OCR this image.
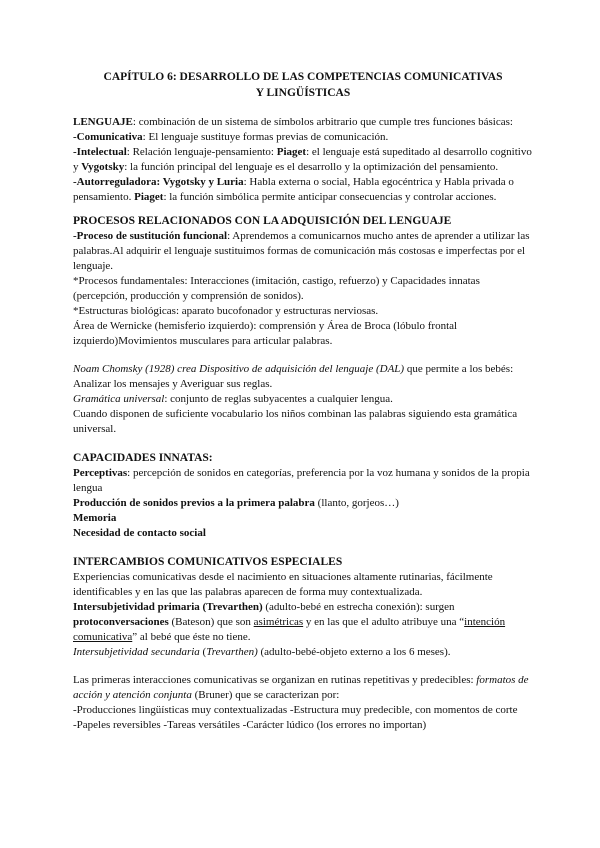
CAPÍTULO 6: DESARROLLO DE LAS COMPETENCIAS COMUNICATIVAS Y LINGÜÍSTICAS

LENGUAJE: combinación de un sistema de símbolos arbitrario que cumple tres funciones básicas:

-Comunicativa: El lenguaje sustituye formas previas de comunicación.

-Intelectual: Relación lenguaje-pensamiento: Piaget: el lenguaje está supeditado al desarrollo cognitivo y Vygotsky: la función principal del lenguaje es el desarrollo y la optimización del pensamiento.

-Autorreguladora: Vygotsky y Luria: Habla externa o social, Habla egocéntrica y Habla privada o pensamiento. Piaget: la función simbólica permite anticipar consecuencias y controlar acciones.

PROCESOS RELACIONADOS CON LA ADQUISICIÓN DEL LENGUAJE

-Proceso de sustitución funcional: Aprendemos a comunicarnos mucho antes de aprender a utilizar las palabras.Al adquirir el lenguaje sustituimos formas de comunicación más costosas e imperfectas por el lenguaje.

*Procesos fundamentales: Interacciones (imitación, castigo, refuerzo) y Capacidades innatas (percepción, producción y comprensión de sonidos).

*Estructuras biológicas: aparato bucofonador y estructuras nerviosas.

Área de Wernicke (hemisferio izquierdo): comprensión y Área de Broca (lóbulo frontal izquierdo)Movimientos musculares para articular palabras.

Noam Chomsky (1928) crea Dispositivo de adquisición del lenguaje (DAL) que permite a los bebés: Analizar los mensajes y Averiguar sus reglas.

Gramática universal: conjunto de reglas subyacentes a cualquier lengua.

Cuando disponen de suficiente vocabulario los niños combinan las palabras siguiendo esta gramática universal.

CAPACIDADES INNATAS:

Perceptivas: percepción de sonidos en categorías, preferencia por la voz humana y sonidos de la propia lengua

Producción de sonidos previos a la primera palabra (llanto, gorjeos…)

Memoria

Necesidad de contacto social

INTERCAMBIOS COMUNICATIVOS ESPECIALES

Experiencias comunicativas desde el nacimiento en situaciones altamente rutinarias, fácilmente identificables y en las que las palabras aparecen de forma muy contextualizada.

Intersubjetividad primaria (Trevarthen) (adulto-bebé en estrecha conexión): surgen
protoconversaciones (Bateson) que son asimétricas y en las que el adulto atribuye una “intención comunicativa” al bebé que éste no tiene.

Intersubjetividad secundaria (Trevarthen) (adulto-bebé-objeto externo a los 6 meses).

Las primeras interacciones comunicativas se organizan en rutinas repetitivas y predecibles: formatos de acción y atención conjunta (Bruner) que se caracterizan por:

-Producciones lingüísticas muy contextualizadas -Estructura muy predecible, con momentos de corte

-Papeles reversibles -Tareas versátiles -Carácter lúdico (los errores no importan)
